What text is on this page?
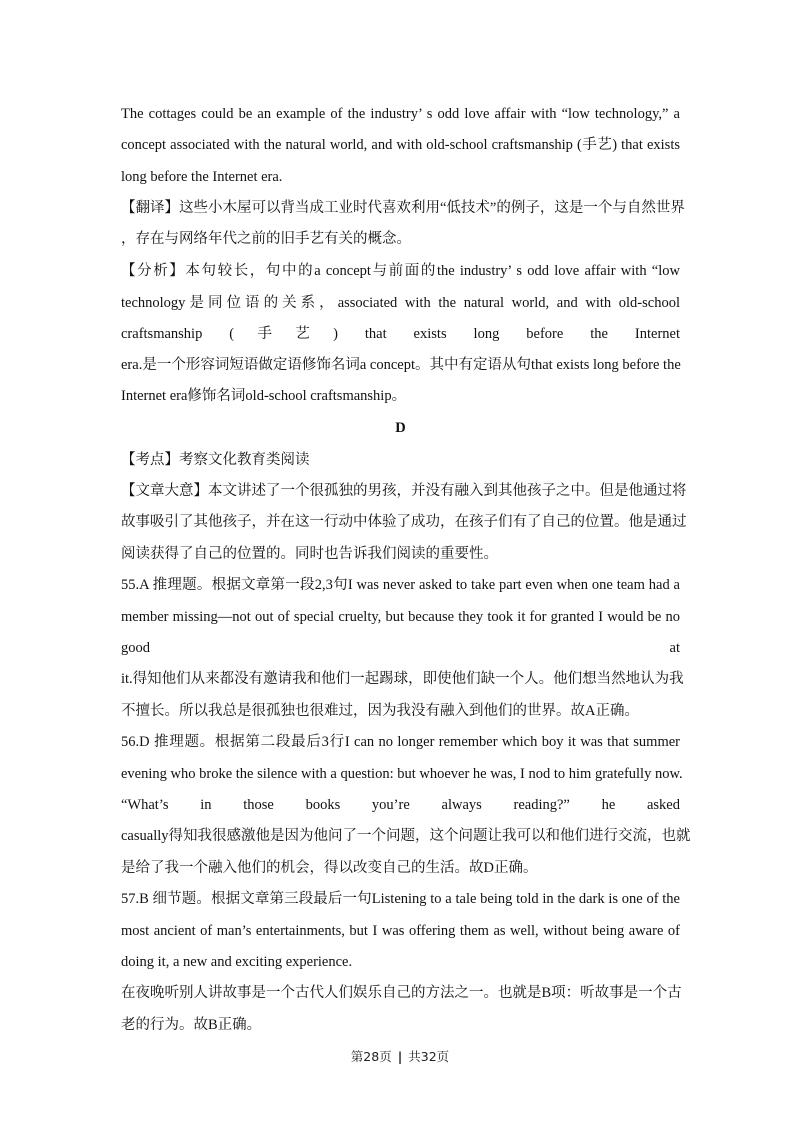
The cottages could be an example of the industry’ s odd love affair with “low technology,” a
concept associated with the natural world, and with old-school craftsmanship (手艺) that exists
long before the Internet era.
【翻译】这些小木屋可以背当成工业时代喜欢利用“低技术”的例子，这是一个与自然世界
，存在与网络年代之前的旧手艺有关的概念。
【分析】本句较长，句中的a concept与前面的the industry’ s odd love affair with “low
technology是同位语的关系，associated with the natural world, and with old-school
craftsmanship (手艺) that exists long before the Internet
era.是一个形容词短语做定语修饰名词a concept。其中有定语从句that exists long before the
Internet era修饰名词old-school craftsmanship。
D
【考点】考察文化教育类阅读
【文章大意】本文讲述了一个很孤独的男孩，并没有融入到其他孩子之中。但是他通过将
故事吸引了其他孩子，并在这一行动中体验了成功，在孩子们有了自己的位置。他是通过
阅读获得了自己的位置的。同时也告诉我们阅读的重要性。
55.A 推理题。根据文章第一段2,3句I was never asked to take part even when one team had a
member missing—not out of special cruelty, but because they took it for granted I would be no
good at
it.得知他们从来都没有邀请我和他们一起踢球，即使他们缺一个人。他们想当然地认为我
不擅长。所以我总是很孤独也很难过，因为我没有融入到他们的世界。故A正确。
56.D 推理题。根据第二段最后3行I can no longer remember which boy it was that summer
evening who broke the silence with a question: but whoever he was, I nod to him gratefully now.
“What’s in those books you’re always reading?” he asked
casually得知我很感激他是因为他问了一个问题，这个问题让我可以和他们进行交流，也就
是给了我一个融入他们的机会，得以改变自己的生活。故D正确。
57.B 细节题。根据文章第三段最后一句Listening to a tale being told in the dark is one of the
most ancient of man’s entertainments, but I was offering them as well, without being aware of
doing it, a new and exciting experience.
在夜晚听别人讲故事是一个古代人们娱乐自己的方法之一。也就是B项：听故事是一个古
老的行为。故B正确。
第28页 | 共32页
